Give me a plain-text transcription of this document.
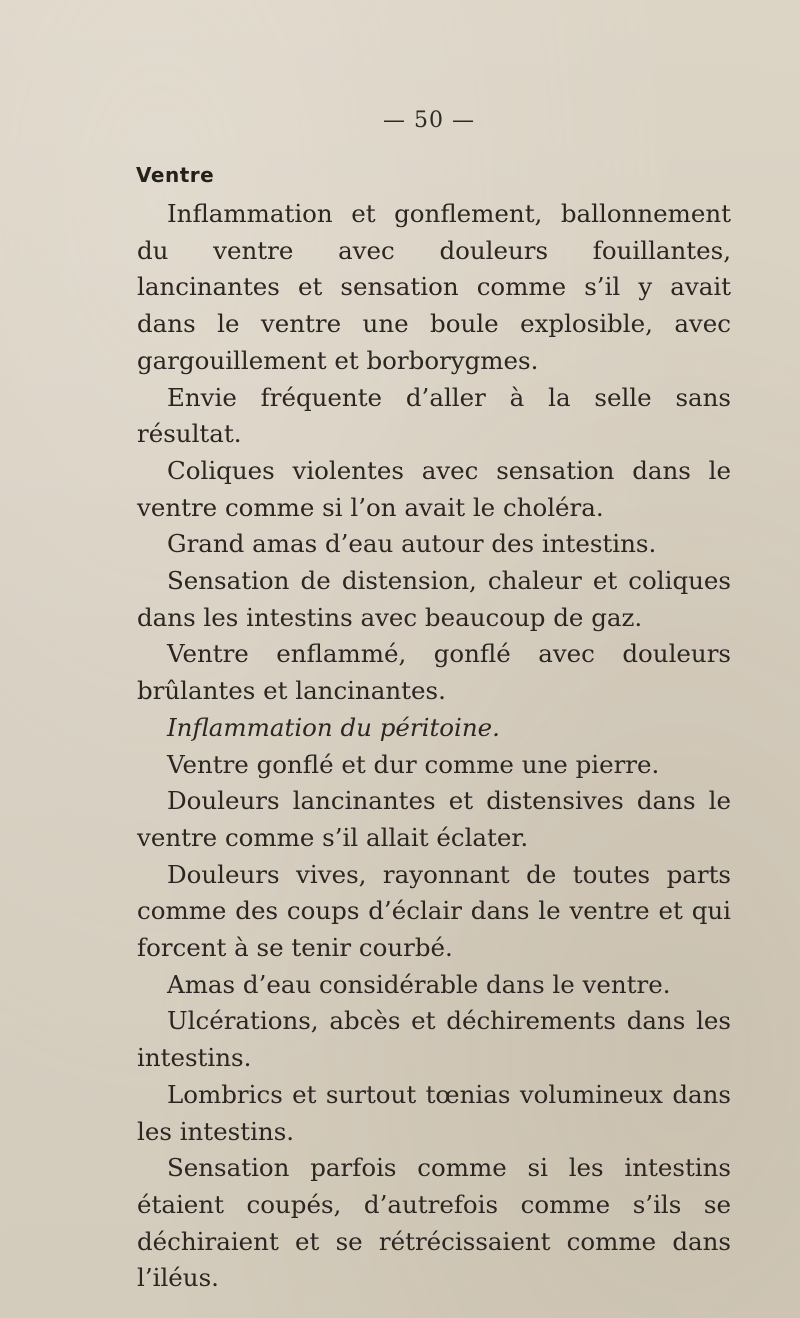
— 50 —
Ventre

Inflammation et gonflement, ballonnement du ventre avec douleurs fouillantes, lancinantes et sensation comme s’il y avait dans le ventre une boule explosible, avec gargouillement et borborygmes.

Envie fréquente d’aller à la selle sans résultat.

Coliques violentes avec sensation dans le ventre comme si l’on avait le choléra.

Grand amas d’eau autour des intestins.

Sensation de distension, chaleur et coliques dans les intestins avec beaucoup de gaz.

Ventre enflammé, gonflé avec douleurs brûlantes et lancinantes.

Inflammation du péritoine.

Ventre gonflé et dur comme une pierre.

Douleurs lancinantes et distensives dans le ventre comme s’il allait éclater.

Douleurs vives, rayonnant de toutes parts comme des coups d’éclair dans le ventre et qui forcent à se tenir courbé.

Amas d’eau considérable dans le ventre.

Ulcérations, abcès et déchirements dans les intestins.

Lombrics et surtout tœnias volumineux dans les intestins.

Sensation parfois comme si les intestins étaient coupés, d’autrefois comme s’ils se déchiraient et se rétrécissaient comme dans l’iléus.
